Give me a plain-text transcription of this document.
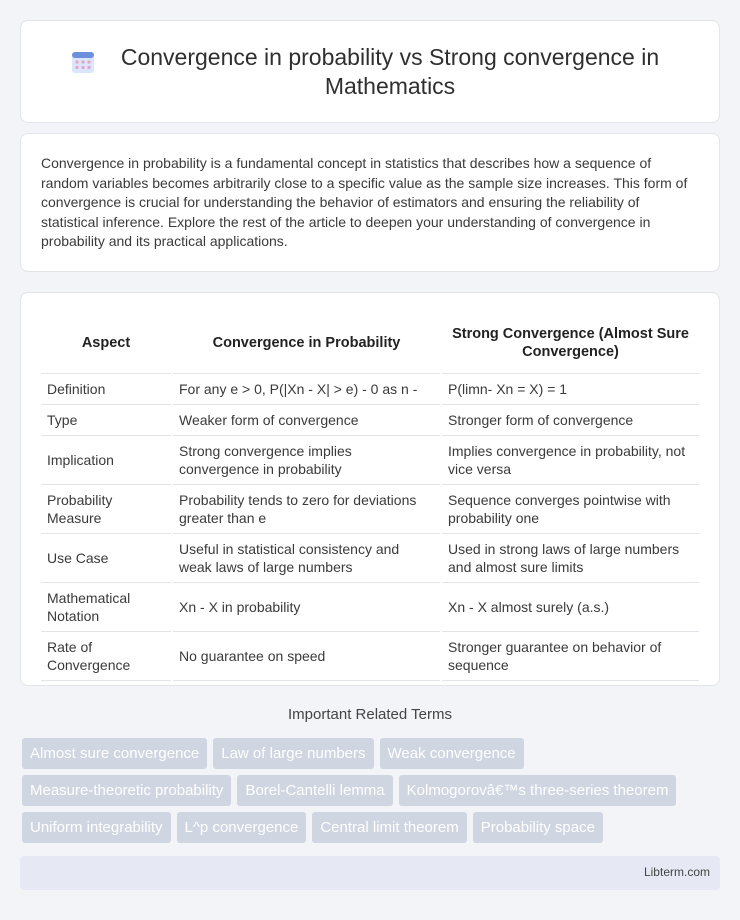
Convergence in probability vs Strong convergence in Mathematics

Convergence in probability is a fundamental concept in statistics that describes how a sequence of random variables becomes arbitrarily close to a specific value as the sample size increases. This form of convergence is crucial for understanding the behavior of estimators and ensuring the reliability of statistical inference. Explore the rest of the article to deepen your understanding of convergence in probability and its practical applications.

Aspect	Convergence in Probability	Strong Convergence (Almost Sure Convergence)
Definition	For any e > 0, P(|Xn - X| > e) - 0 as n -	P(limn- Xn = X) = 1
Type	Weaker form of convergence	Stronger form of convergence
Implication	Strong convergence implies convergence in probability	Implies convergence in probability, not vice versa
Probability Measure	Probability tends to zero for deviations greater than e	Sequence converges pointwise with probability one
Use Case	Useful in statistical consistency and weak laws of large numbers	Used in strong laws of large numbers and almost sure limits
Mathematical Notation	Xn - X in probability	Xn - X almost surely (a.s.)
Rate of Convergence	No guarantee on speed	Stronger guarantee on behavior of sequence
Important Related Terms
Almost sure convergence	Law of large numbers	Weak convergence
Measure-theoretic probability	Borel-Cantelli lemma	Kolmogorovâ€™s three-series theorem
Uniform integrability	L^p convergence	Central limit theorem	Probability space
Libterm.com
